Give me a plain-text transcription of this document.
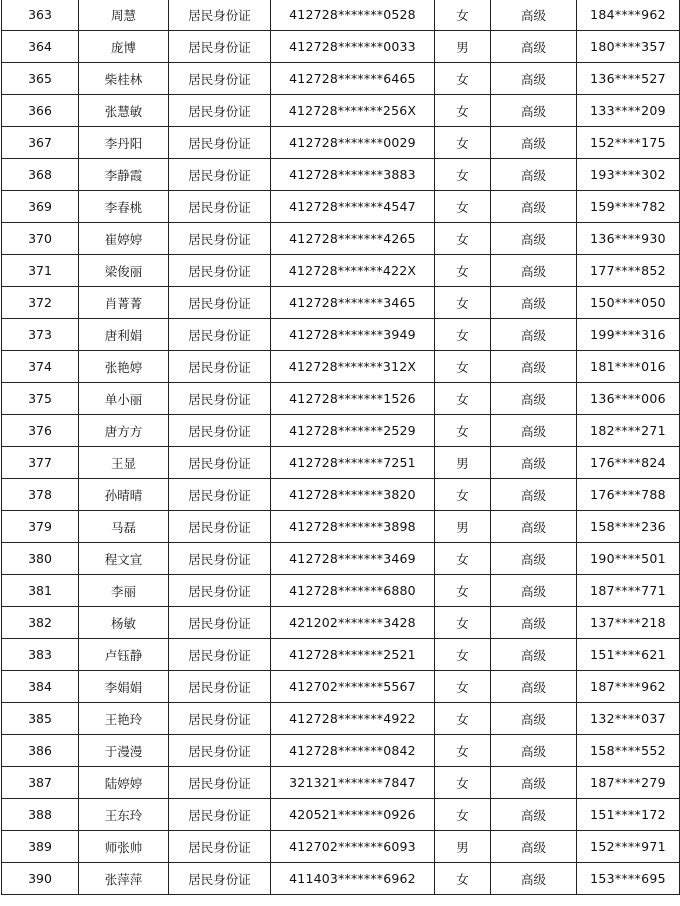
363	周慧	居民身份证	412728*******0528	女	高级	184****962
364	庞博	居民身份证	412728*******0033	男	高级	180****357
365	柴桂林	居民身份证	412728*******6465	女	高级	136****527
366	张慧敏	居民身份证	412728*******256X	女	高级	133****209
367	李丹阳	居民身份证	412728*******0029	女	高级	152****175
368	李静霞	居民身份证	412728*******3883	女	高级	193****302
369	李春桃	居民身份证	412728*******4547	女	高级	159****782
370	崔婷婷	居民身份证	412728*******4265	女	高级	136****930
371	梁俊丽	居民身份证	412728*******422X	女	高级	177****852
372	肖菁菁	居民身份证	412728*******3465	女	高级	150****050
373	唐利娟	居民身份证	412728*******3949	女	高级	199****316
374	张艳婷	居民身份证	412728*******312X	女	高级	181****016
375	单小丽	居民身份证	412728*******1526	女	高级	136****006
376	唐方方	居民身份证	412728*******2529	女	高级	182****271
377	王显	居民身份证	412728*******7251	男	高级	176****824
378	孙晴晴	居民身份证	412728*******3820	女	高级	176****788
379	马磊	居民身份证	412728*******3898	男	高级	158****236
380	程文宣	居民身份证	412728*******3469	女	高级	190****501
381	李丽	居民身份证	412728*******6880	女	高级	187****771
382	杨敏	居民身份证	421202*******3428	女	高级	137****218
383	卢钰静	居民身份证	412728*******2521	女	高级	151****621
384	李娟娟	居民身份证	412702*******5567	女	高级	187****962
385	王艳玲	居民身份证	412728*******4922	女	高级	132****037
386	于漫漫	居民身份证	412728*******0842	女	高级	158****552
387	陆婷婷	居民身份证	321321*******7847	女	高级	187****279
388	王东玲	居民身份证	420521*******0926	女	高级	151****172
389	师张帅	居民身份证	412702*******6093	男	高级	152****971
390	张萍萍	居民身份证	411403*******6962	女	高级	153****695
